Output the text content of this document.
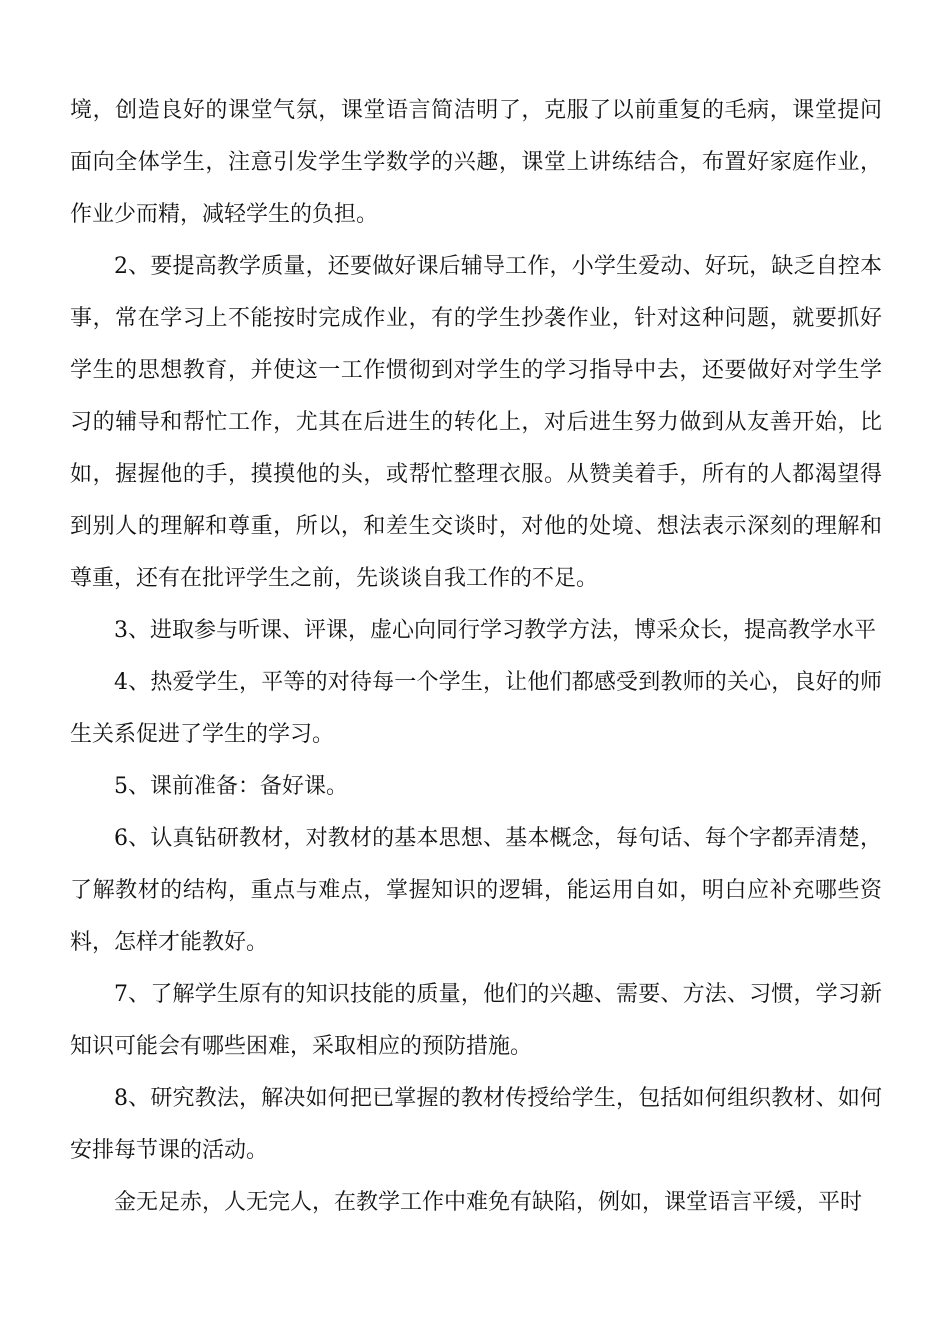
境，创造良好的课堂气氛，课堂语言简洁明了，克服了以前重复的毛病，课堂提问面向全体学生，注意引发学生学数学的兴趣，课堂上讲练结合，布置好家庭作业，作业少而精，减轻学生的负担。

2、要提高教学质量，还要做好课后辅导工作，小学生爱动、好玩，缺乏自控本事，常在学习上不能按时完成作业，有的学生抄袭作业，针对这种问题，就要抓好学生的思想教育，并使这一工作惯彻到对学生的学习指导中去，还要做好对学生学习的辅导和帮忙工作，尤其在后进生的转化上，对后进生努力做到从友善开始，比如，握握他的手，摸摸他的头，或帮忙整理衣服。从赞美着手，所有的人都渴望得到别人的理解和尊重，所以，和差生交谈时，对他的处境、想法表示深刻的理解和尊重，还有在批评学生之前，先谈谈自我工作的不足。

3、进取参与听课、评课，虚心向同行学习教学方法，博采众长，提高教学水平

4、热爱学生，平等的对待每一个学生，让他们都感受到教师的关心，良好的师生关系促进了学生的学习。

5、课前准备：备好课。

6、认真钻研教材，对教材的基本思想、基本概念，每句话、每个字都弄清楚，了解教材的结构，重点与难点，掌握知识的逻辑，能运用自如，明白应补充哪些资料，怎样才能教好。

7、了解学生原有的知识技能的质量，他们的兴趣、需要、方法、习惯，学习新知识可能会有哪些困难，采取相应的预防措施。

8、研究教法，解决如何把已掌握的教材传授给学生，包括如何组织教材、如何安排每节课的活动。

金无足赤，人无完人，在教学工作中难免有缺陷，例如，课堂语言平缓，平时
